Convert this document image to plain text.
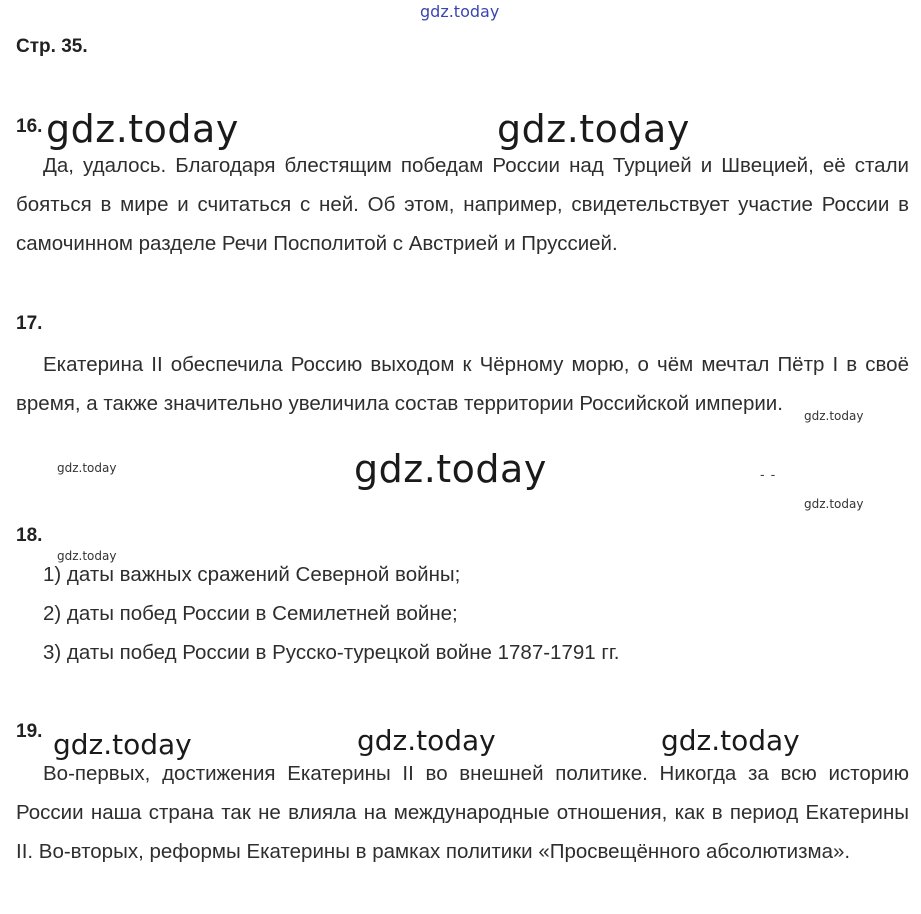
gdz.today
Стр. 35.
16. gdz.today	gdz.today
Да, удалось. Благодаря блестящим победам России над Турцией и Швецией, её стали бояться в мире и считаться с ней. Об этом, например, свидетельствует участие России в самочинном разделе Речи Посполитой с Австрией и Пруссией.
17.
Екатерина II обеспечила Россию выходом к Чёрному морю, о чём мечтал Пётр I в своё время, а также значительно увеличила состав территории Российской империи.
gdz.today
gdz.today	gdz.today	--
gdz.today
18.
gdz.today
1) даты важных сражений Северной войны;
2) даты побед России в Семилетней войне;
3) даты побед России в Русско-турецкой войне 1787-1791 гг.
19. gdz.today	gdz.today	gdz.today
Во-первых, достижения Екатерины II во внешней политике. Никогда за всю историю России наша страна так не влияла на международные отношения, как в период Екатерины II. Во-вторых, реформы Екатерины в рамках политики «Просвещённого абсолютизма».
